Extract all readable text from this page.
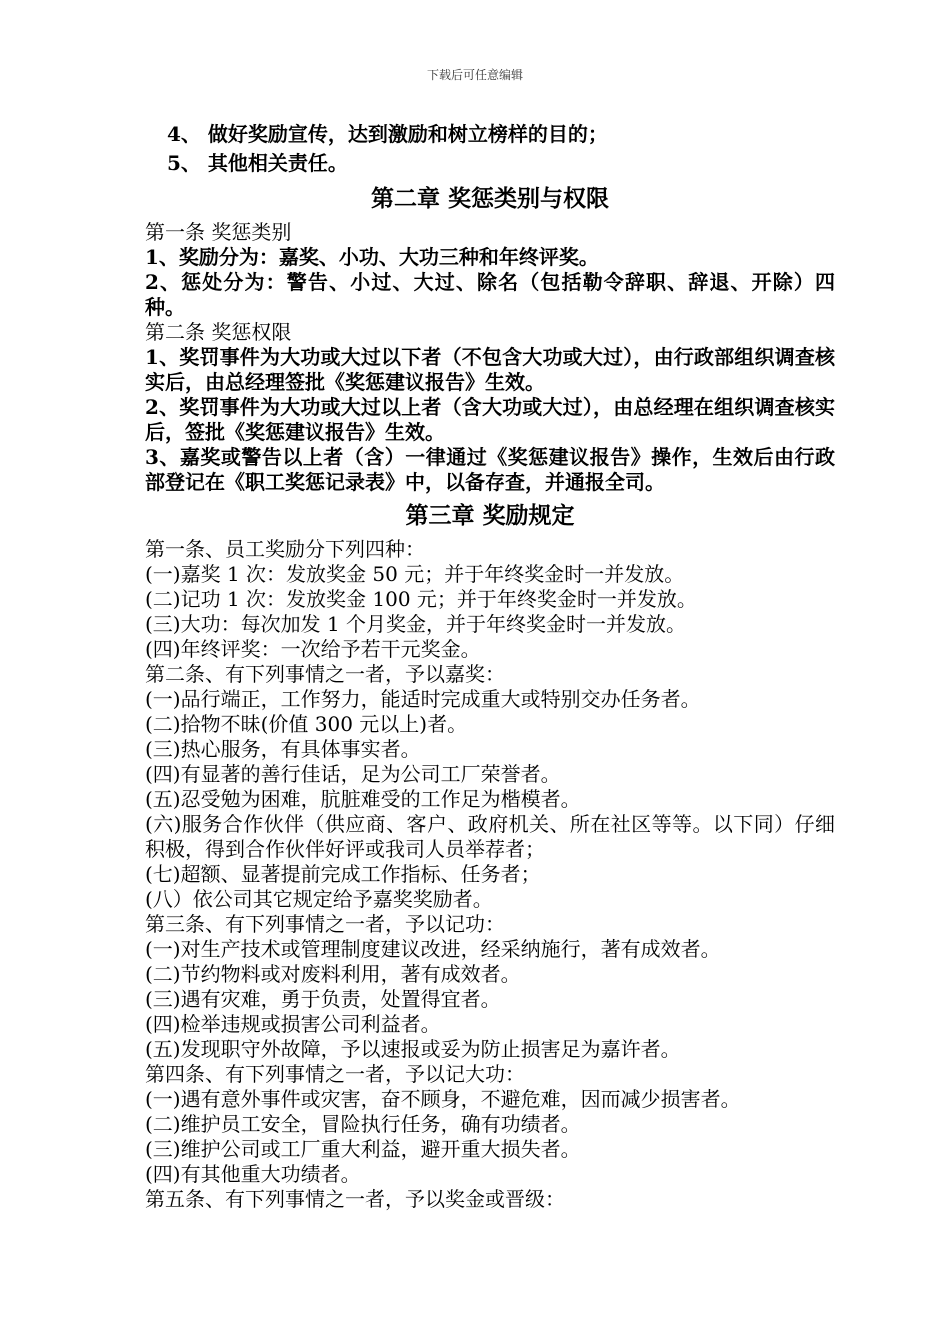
下载后可任意编辑
4、 做好奖励宣传，达到激励和树立榜样的目的；
5、 其他相关责任。
第二章 奖惩类别与权限
第一条 奖惩类别
1、奖励分为：嘉奖、小功、大功三种和年终评奖。
2、惩处分为：警告、小过、大过、除名（包括勒令辞职、辞退、开除）四种。
第二条 奖惩权限
1、奖罚事件为大功或大过以下者（不包含大功或大过），由行政部组织调查核实后，由总经理签批《奖惩建议报告》生效。
2、奖罚事件为大功或大过以上者（含大功或大过），由总经理在组织调查核实后，签批《奖惩建议报告》生效。
3、嘉奖或警告以上者（含）一律通过《奖惩建议报告》操作，生效后由行政部登记在《职工奖惩记录表》中，以备存查，并通报全司。
第三章 奖励规定
第一条、员工奖励分下列四种：
(一)嘉奖 1 次：发放奖金 50 元；并于年终奖金时一并发放。
(二)记功 1 次：发放奖金 100 元；并于年终奖金时一并发放。
(三)大功：每次加发 1 个月奖金，并于年终奖金时一并发放。
(四)年终评奖：一次给予若干元奖金。
第二条、有下列事情之一者，予以嘉奖：
(一)品行端正，工作努力，能适时完成重大或特别交办任务者。
(二)拾物不昧(价值 300 元以上)者。
(三)热心服务，有具体事实者。
(四)有显著的善行佳话，足为公司工厂荣誉者。
(五)忍受勉为困难，肮脏难受的工作足为楷模者。
(六)服务合作伙伴（供应商、客户、政府机关、所在社区等等。以下同）仔细积极，得到合作伙伴好评或我司人员举荐者；
(七)超额、显著提前完成工作指标、任务者；
(八）依公司其它规定给予嘉奖奖励者。
第三条、有下列事情之一者，予以记功：
(一)对生产技术或管理制度建议改进，经采纳施行，著有成效者。
(二)节约物料或对废料利用，著有成效者。
(三)遇有灾难，勇于负责，处置得宜者。
(四)检举违规或损害公司利益者。
(五)发现职守外故障，予以速报或妥为防止损害足为嘉许者。
第四条、有下列事情之一者，予以记大功：
(一)遇有意外事件或灾害，奋不顾身，不避危难，因而减少损害者。
(二)维护员工安全，冒险执行任务，确有功绩者。
(三)维护公司或工厂重大利益，避开重大损失者。
(四)有其他重大功绩者。
第五条、有下列事情之一者，予以奖金或晋级：
